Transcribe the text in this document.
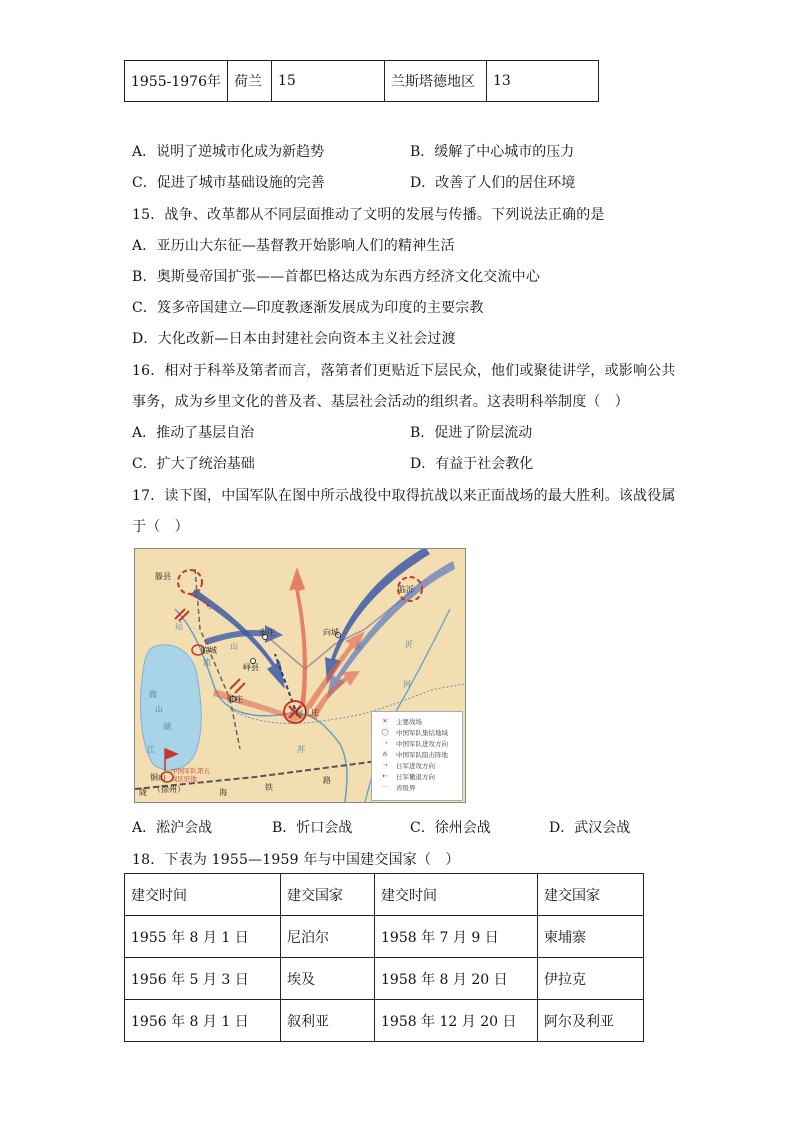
1955-1976年	荷兰	15	兰斯塔德地区	13
A．说明了逆城市化成为新趋势	B．缓解了中心城市的压力
C．促进了城市基础设施的完善	D．改善了人们的居住环境
15．战争、改革都从不同层面推动了文明的发展与传播。下列说法正确的是
A．亚历山大东征—基督教开始影响人们的精神生活
B．奥斯曼帝国扩张——首都巴格达成为东西方经济文化交流中心
C．笈多帝国建立—印度教逐渐发展成为印度的主要宗教
D．大化改新—日本由封建社会向资本主义社会过渡
16．相对于科举及第者而言，落第者们更贴近下层民众，他们或聚徒讲学，或影响公共
事务，成为乡里文化的普及者、基层社会活动的组织者。这表明科举制度（　）
A．推动了基层自治	B．促进了阶层流动
C．扩大了统治基础	D．有益于社会教化
17．读下图，中国军队在图中所示战役中取得抗战以来正面战场的最大胜利。该战役属
于（　）
滕县
临沂
枣庄	向城
临城
峄县
韩庄
台儿庄
铜山
（徐州）
中国军队第五战区驻地
运
河
山
流
东	沂
河
微
山
湖
江	苏
陇	海
铁
路
✕	主要战场
◯	中国军队集结地域
➝	中国军队进攻方向
⋔	中国军队阻击阵地
➝	日军进攻方向
⇠	日军撤退方向
┄	省级界
A．淞沪会战	B．忻口会战	C．徐州会战	D．武汉会战
18．下表为 1955—1959 年与中国建交国家（　）
建交时间	建交国家	建交时间	建交国家
1955 年 8 月 1 日	尼泊尔	1958 年 7 月 9 日	柬埔寨
1956 年 5 月 3 日	埃及	1958 年 8 月 20 日	伊拉克
1956 年 8 月 1 日	叙利亚	1958 年 12 月 20 日	阿尔及利亚
